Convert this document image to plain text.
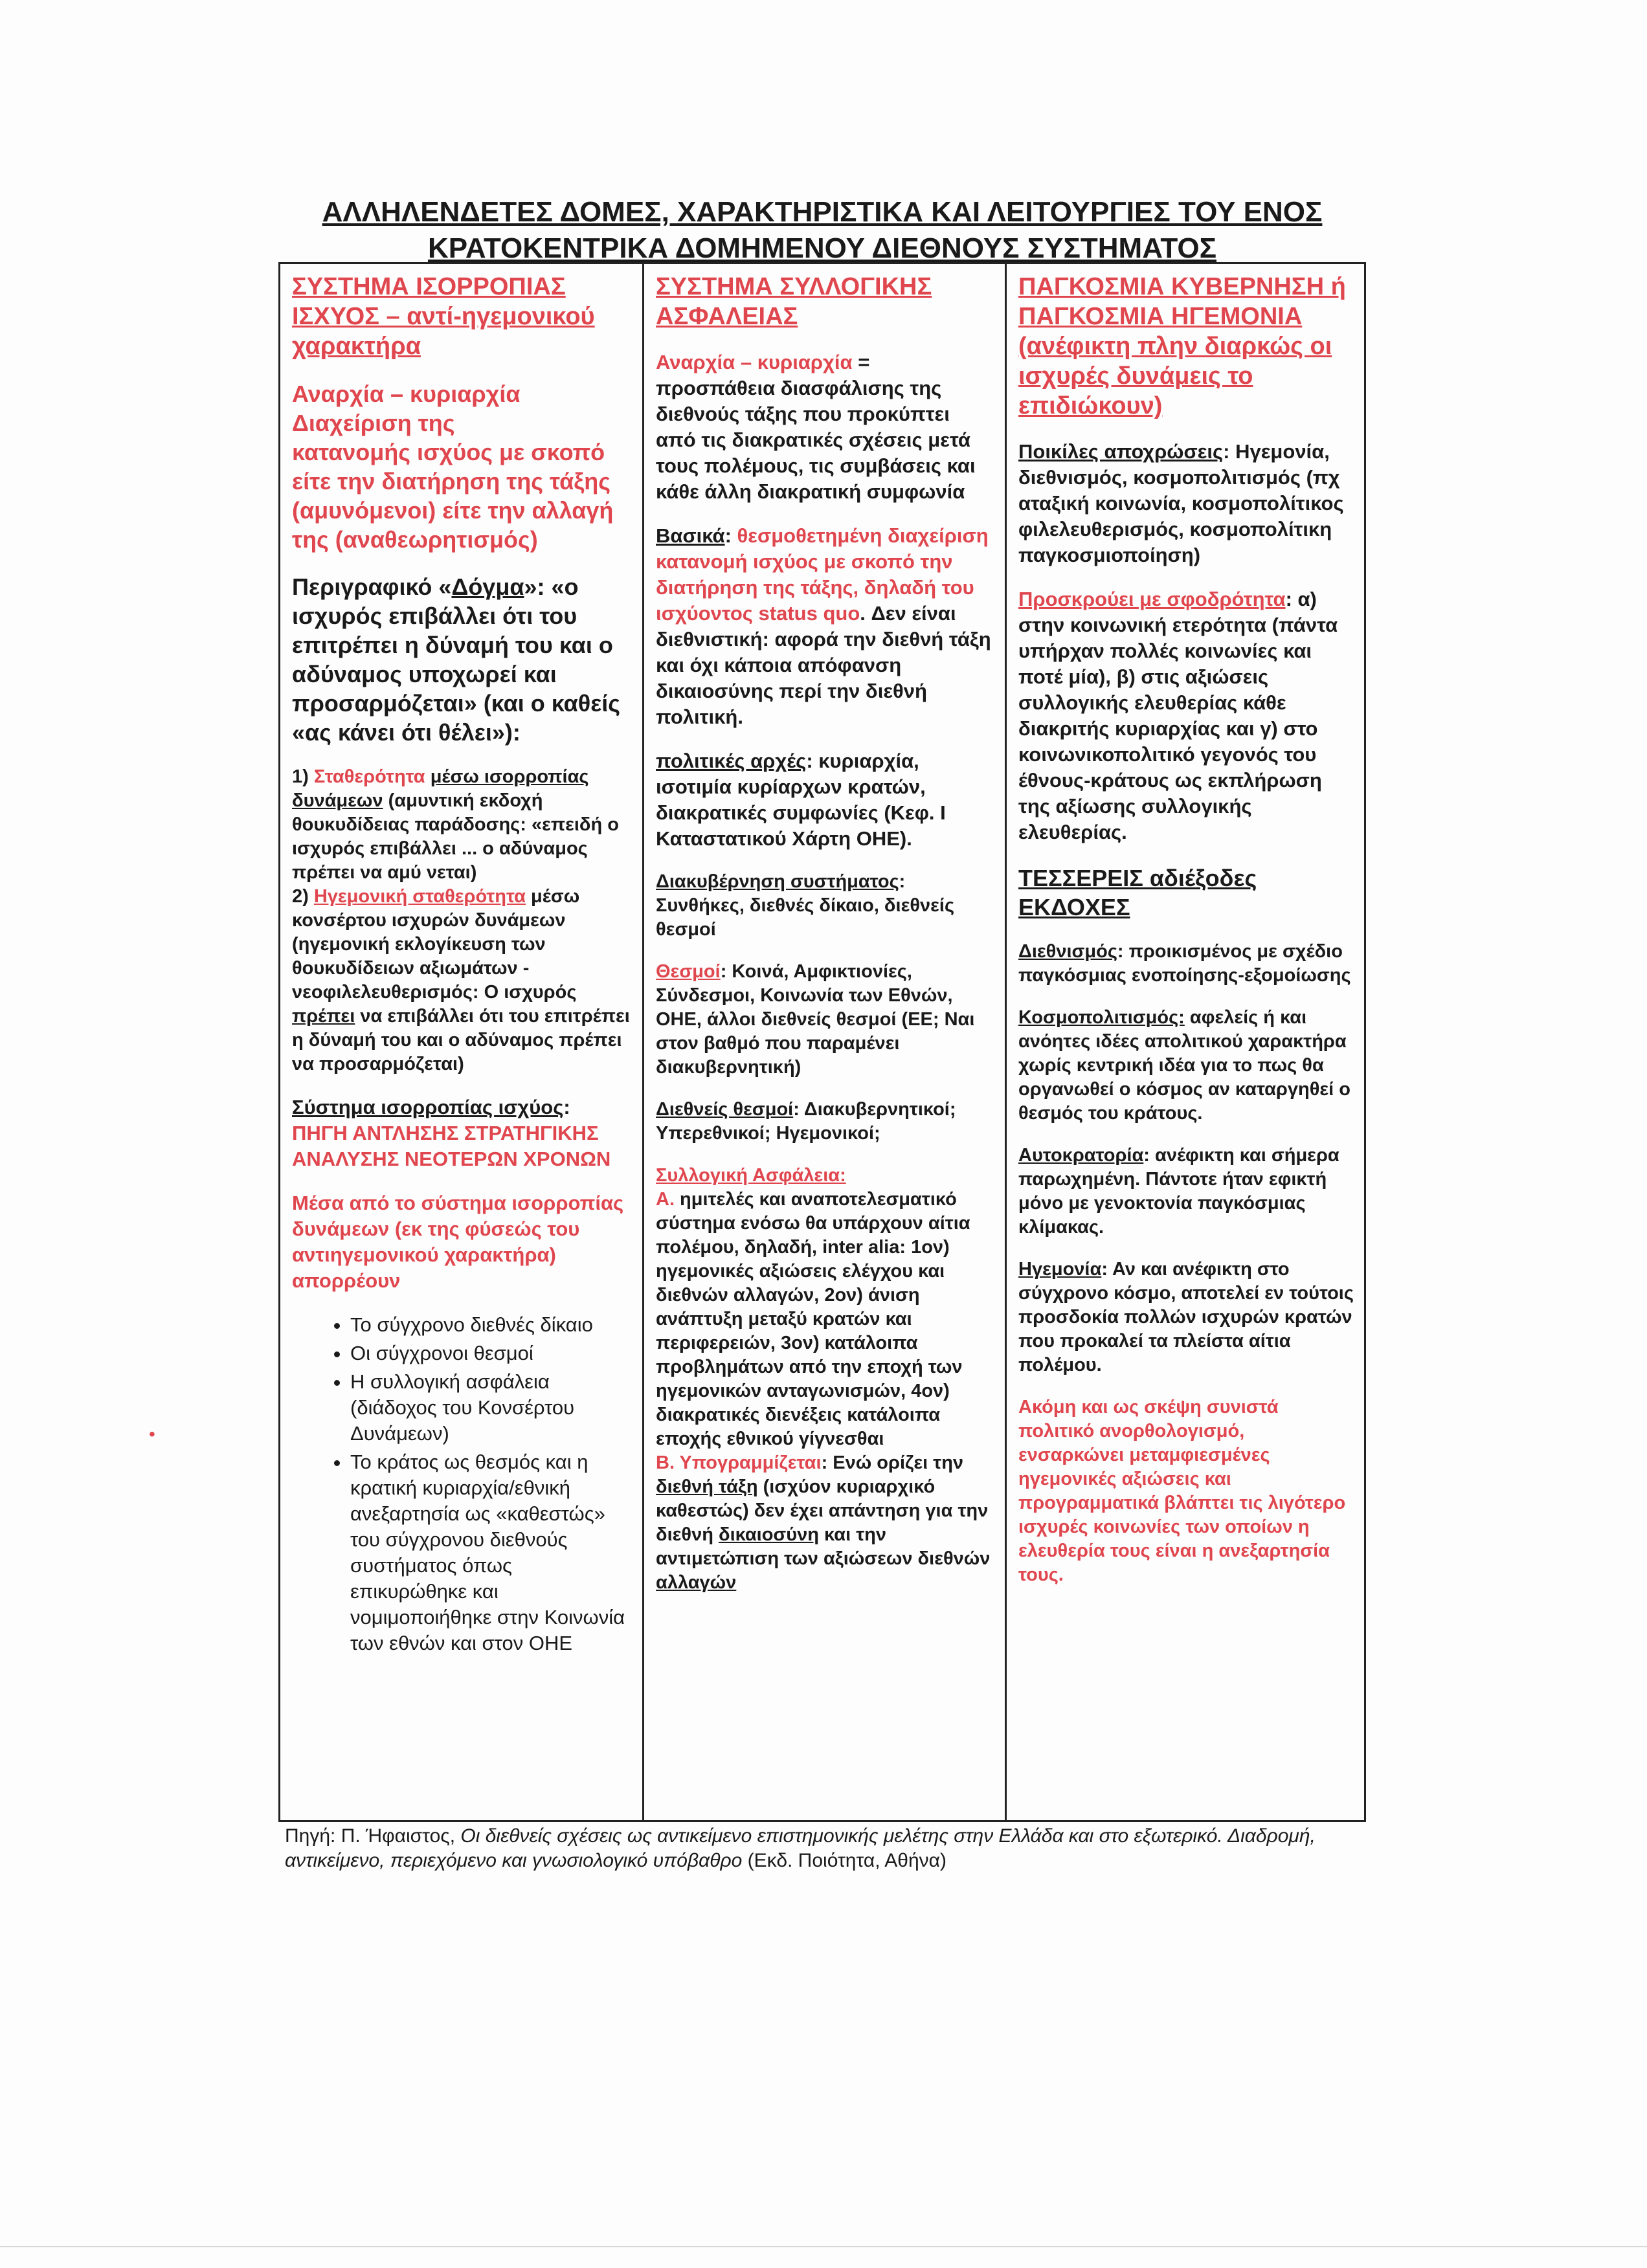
ΑΛΛΗΛΕΝΔΕΤΕΣ ΔΟΜΕΣ, ΧΑΡΑΚΤΗΡΙΣΤΙΚΑ ΚΑΙ ΛΕΙΤΟΥΡΓΙΕΣ ΤΟΥ ΕΝΟΣ
ΚΡΑΤΟΚΕΝΤΡΙΚΑ ΔΟΜΗΜΕΝΟΥ ΔΙΕΘΝΟΥΣ ΣΥΣΤΗΜΑΤΟΣ

ΣΥΣΤΗΜΑ ΙΣΟΡΡΟΠΙΑΣ ΙΣΧΥΟΣ – αντί-ηγεμονικού χαρακτήρα

Αναρχία – κυριαρχία
Διαχείριση της
κατανομής ισχύος με σκοπό είτε την διατήρηση της τάξης (αμυνόμενοι) είτε την αλλαγή της (αναθεωρητισμός)

Περιγραφικό «Δόγμα»: «ο ισχυρός επιβάλλει ότι του επιτρέπει η δύναμή του και ο αδύναμος υποχωρεί και προσαρμόζεται» (και ο καθείς «ας κάνει ότι θέλει»):

1) Σταθερότητα μέσω ισορροπίας δυνάμεων (αμυντική εκδοχή θουκυδίδειας παράδοσης: «επειδή ο ισχυρός επιβάλλει ... ο αδύναμος πρέπει να αμύ νεται)
2) Ηγεμονική σταθερότητα μέσω κονσέρτου ισχυρών δυνάμεων (ηγεμονική εκλογίκευση των θουκυδίδειων αξιωμάτων - νεοφιλελευθερισμός: Ο ισχυρός πρέπει να επιβάλλει ότι του επιτρέπει η δύναμή του και ο αδύναμος πρέπει να προσαρμόζεται)

Σύστημα ισορροπίας ισχύος:
ΠΗΓΗ ΑΝΤΛΗΣΗΣ ΣΤΡΑΤΗΓΙΚΗΣ ΑΝΑΛΥΣΗΣ ΝΕΟΤΕΡΩΝ ΧΡΟΝΩΝ

Μέσα από το σύστημα ισορροπίας δυνάμεων (εκ της φύσεώς του αντιηγεμονικού χαρακτήρα) απορρέουν

• Το σύγχρονο διεθνές δίκαιο
• Οι σύγχρονοι θεσμοί
• Η συλλογική ασφάλεια (διάδοχος του Κονσέρτου Δυνάμεων)
• Το κράτος ως θεσμός και η κρατική κυριαρχία/εθνική ανεξαρτησία ως «καθεστώς» του σύγχρονου διεθνούς συστήματος όπως επικυρώθηκε και νομιμοποιήθηκε στην Κοινωνία των εθνών και στον ΟΗΕ

ΣΥΣΤΗΜΑ ΣΥΛΛΟΓΙΚΗΣ ΑΣΦΑΛΕΙΑΣ

Αναρχία – κυριαρχία = προσπάθεια διασφάλισης της διεθνούς τάξης που προκύπτει από τις διακρατικές σχέσεις μετά τους πολέμους, τις συμβάσεις και κάθε άλλη διακρατική συμφωνία

Βασικά: θεσμοθετημένη διαχείριση κατανομή ισχύος με σκοπό την διατήρηση της τάξης, δηλαδή του ισχύοντος status quo. Δεν είναι διεθνιστική: αφορά την διεθνή τάξη και όχι κάποια απόφανση δικαιοσύνης περί την διεθνή πολιτική.

πολιτικές αρχές: κυριαρχία, ισοτιμία κυρίαρχων κρατών, διακρατικές συμφωνίες (Κεφ. Ι Καταστατικού Χάρτη ΟΗΕ).

Διακυβέρνηση συστήματος: Συνθήκες, διεθνές δίκαιο, διεθνείς θεσμοί

Θεσμοί: Κοινά, Αμφικτιονίες, Σύνδεσμοι, Κοινωνία των Εθνών, ΟΗΕ, άλλοι διεθνείς θεσμοί (ΕΕ; Ναι στον βαθμό που παραμένει διακυβερνητική)

Διεθνείς θεσμοί: Διακυβερνητικοί; Υπερεθνικοί; Ηγεμονικοί;

Συλλογική Ασφάλεια:
Α. ημιτελές και αναποτελεσματικό σύστημα ενόσω θα υπάρχουν αίτια πολέμου, δηλαδή, inter alia: 1ον) ηγεμονικές αξιώσεις ελέγχου και διεθνών αλλαγών, 2ον) άνιση ανάπτυξη μεταξύ κρατών και περιφερειών, 3ον) κατάλοιπα προβλημάτων από την εποχή των ηγεμονικών ανταγωνισμών, 4ον) διακρατικές διενέξεις κατάλοιπα εποχής εθνικού γίγνεσθαι
Β. Υπογραμμίζεται: Ενώ ορίζει την διεθνή τάξη (ισχύον κυριαρχικό καθεστώς) δεν έχει απάντηση για την διεθνή δικαιοσύνη και την αντιμετώπιση των αξιώσεων διεθνών αλλαγών

ΠΑΓΚΟΣΜΙΑ ΚΥΒΕΡΝΗΣΗ ή ΠΑΓΚΟΣΜΙΑ ΗΓΕΜΟΝΙΑ (ανέφικτη πλην διαρκώς οι ισχυρές δυνάμεις το επιδιώκουν)

Ποικίλες αποχρώσεις: Ηγεμονία, διεθνισμός, κοσμοπολιτισμός (πχ αταξική κοινωνία, κοσμοπολίτικος φιλελευθερισμός, κοσμοπολίτικη παγκοσμιοποίηση)

Προσκρούει με σφοδρότητα: α) στην κοινωνική ετερότητα (πάντα υπήρχαν πολλές κοινωνίες και ποτέ μία), β) στις αξιώσεις συλλογικής ελευθερίας κάθε διακριτής κυριαρχίας και γ) στο κοινωνικοπολιτικό γεγονός του έθνους-κράτους ως εκπλήρωση της αξίωσης συλλογικής ελευθερίας.

ΤΕΣΣΕΡΕΙΣ αδιέξοδες ΕΚΔΟΧΕΣ

Διεθνισμός: προικισμένος με σχέδιο παγκόσμιας ενοποίησης-εξομοίωσης

Κοσμοπολιτισμός: αφελείς ή και ανόητες ιδέες απολιτικού χαρακτήρα χωρίς κεντρική ιδέα για το πως θα οργανωθεί ο κόσμος αν καταργηθεί ο θεσμός του κράτους.

Αυτοκρατορία: ανέφικτη και σήμερα παρωχημένη. Πάντοτε ήταν εφικτή μόνο με γενοκτονία παγκόσμιας κλίμακας.

Ηγεμονία: Αν και ανέφικτη στο σύγχρονο κόσμο, αποτελεί εν τούτοις προσδοκία πολλών ισχυρών κρατών που προκαλεί τα πλείστα αίτια πολέμου.

Ακόμη και ως σκέψη συνιστά πολιτικό ανορθολογισμό, ενσαρκώνει μεταμφιεσμένες ηγεμονικές αξιώσεις και προγραμματικά βλάπτει τις λιγότερο ισχυρές κοινωνίες των οποίων η ελευθερία τους είναι η ανεξαρτησία τους.

Πηγή: Π. Ήφαιστος, Οι διεθνείς σχέσεις ως αντικείμενο επιστημονικής μελέτης στην Ελλάδα και στο εξωτερικό. Διαδρομή, αντικείμενο, περιεχόμενο και γνωσιολογικό υπόβαθρο (Εκδ. Ποιότητα, Αθήνα)
•
